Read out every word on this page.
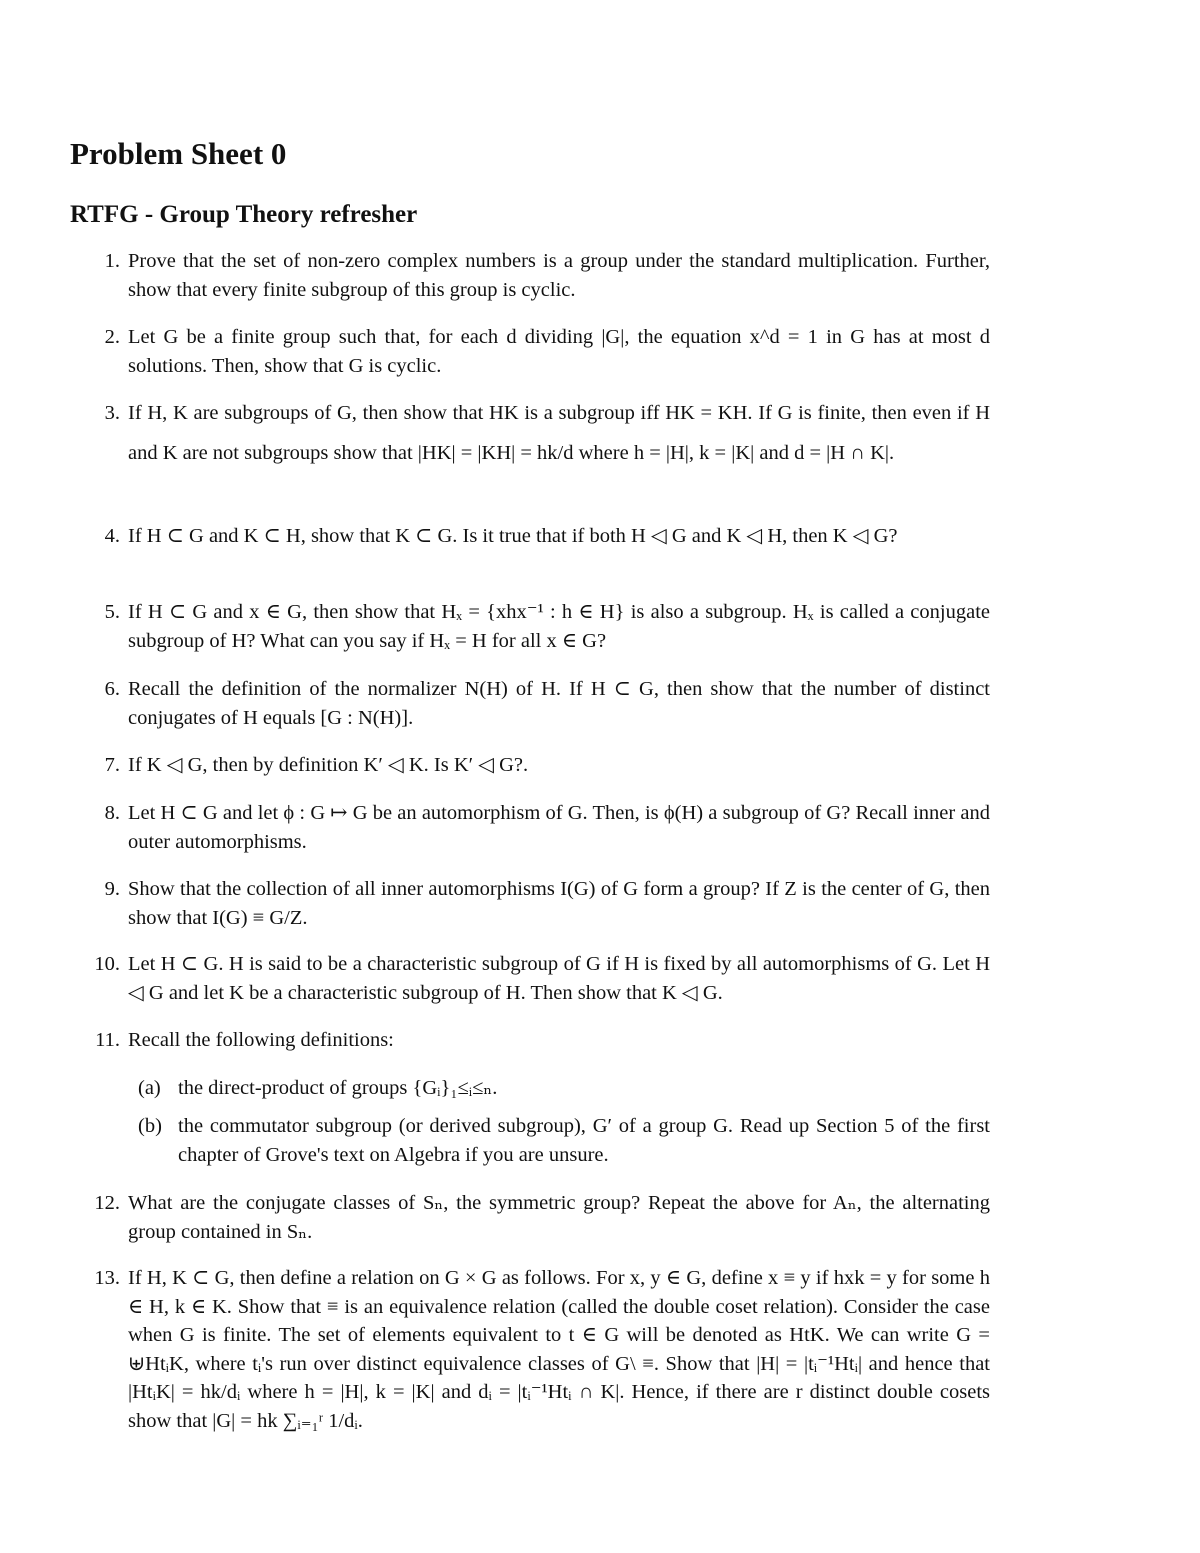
Problem Sheet 0
RTFG - Group Theory refresher
1. Prove that the set of non-zero complex numbers is a group under the standard multiplication. Further, show that every finite subgroup of this group is cyclic.
2. Let G be a finite group such that, for each d dividing |G|, the equation x^d = 1 in G has at most d solutions. Then, show that G is cyclic.
3. If H, K are subgroups of G, then show that HK is a subgroup iff HK = KH. If G is finite, then even if H and K are not subgroups show that |HK| = |KH| = hk/d where h = |H|, k = |K| and d = |H ∩ K|.
4. If H ⊂ G and K ⊂ H, show that K ⊂ G. Is it true that if both H ◁ G and K ◁ H, then K ◁ G?
5. If H ⊂ G and x ∈ G, then show that Hₓ = {xhx⁻¹ : h ∈ H} is also a subgroup. Hₓ is called a conjugate subgroup of H? What can you say if Hₓ = H for all x ∈ G?
6. Recall the definition of the normalizer N(H) of H. If H ⊂ G, then show that the number of distinct conjugates of H equals [G : N(H)].
7. If K ◁ G, then by definition K′ ◁ K. Is K′ ◁ G?.
8. Let H ⊂ G and let ϕ : G ↦ G be an automorphism of G. Then, is ϕ(H) a subgroup of G? Recall inner and outer automorphisms.
9. Show that the collection of all inner automorphisms I(G) of G form a group? If Z is the center of G, then show that I(G) ≡ G/Z.
10. Let H ⊂ G. H is said to be a characteristic subgroup of G if H is fixed by all automorphisms of G. Let H ◁ G and let K be a characteristic subgroup of H. Then show that K ◁ G.
11. Recall the following definitions:
(a) the direct-product of groups {Gᵢ}₁≤ᵢ≤ₙ.
(b) the commutator subgroup (or derived subgroup), G′ of a group G. Read up Section 5 of the first chapter of Grove's text on Algebra if you are unsure.
12. What are the conjugate classes of Sₙ, the symmetric group? Repeat the above for Aₙ, the alternating group contained in Sₙ.
13. If H, K ⊂ G, then define a relation on G × G as follows. For x, y ∈ G, define x ≡ y if hxk = y for some h ∈ H, k ∈ K. Show that ≡ is an equivalence relation (called the double coset relation). Consider the case when G is finite. The set of elements equivalent to t ∈ G will be denoted as HtK. We can write G = ⊎HtᵢK, where tᵢ's run over distinct equivalence classes of G\ ≡. Show that |H| = |tᵢ⁻¹Htᵢ| and hence that |HtᵢK| = hk/dᵢ where h = |H|, k = |K| and dᵢ = |tᵢ⁻¹Htᵢ ∩ K|. Hence, if there are r distinct double cosets show that |G| = hk ∑ᵢ₌₁ʳ 1/dᵢ.
